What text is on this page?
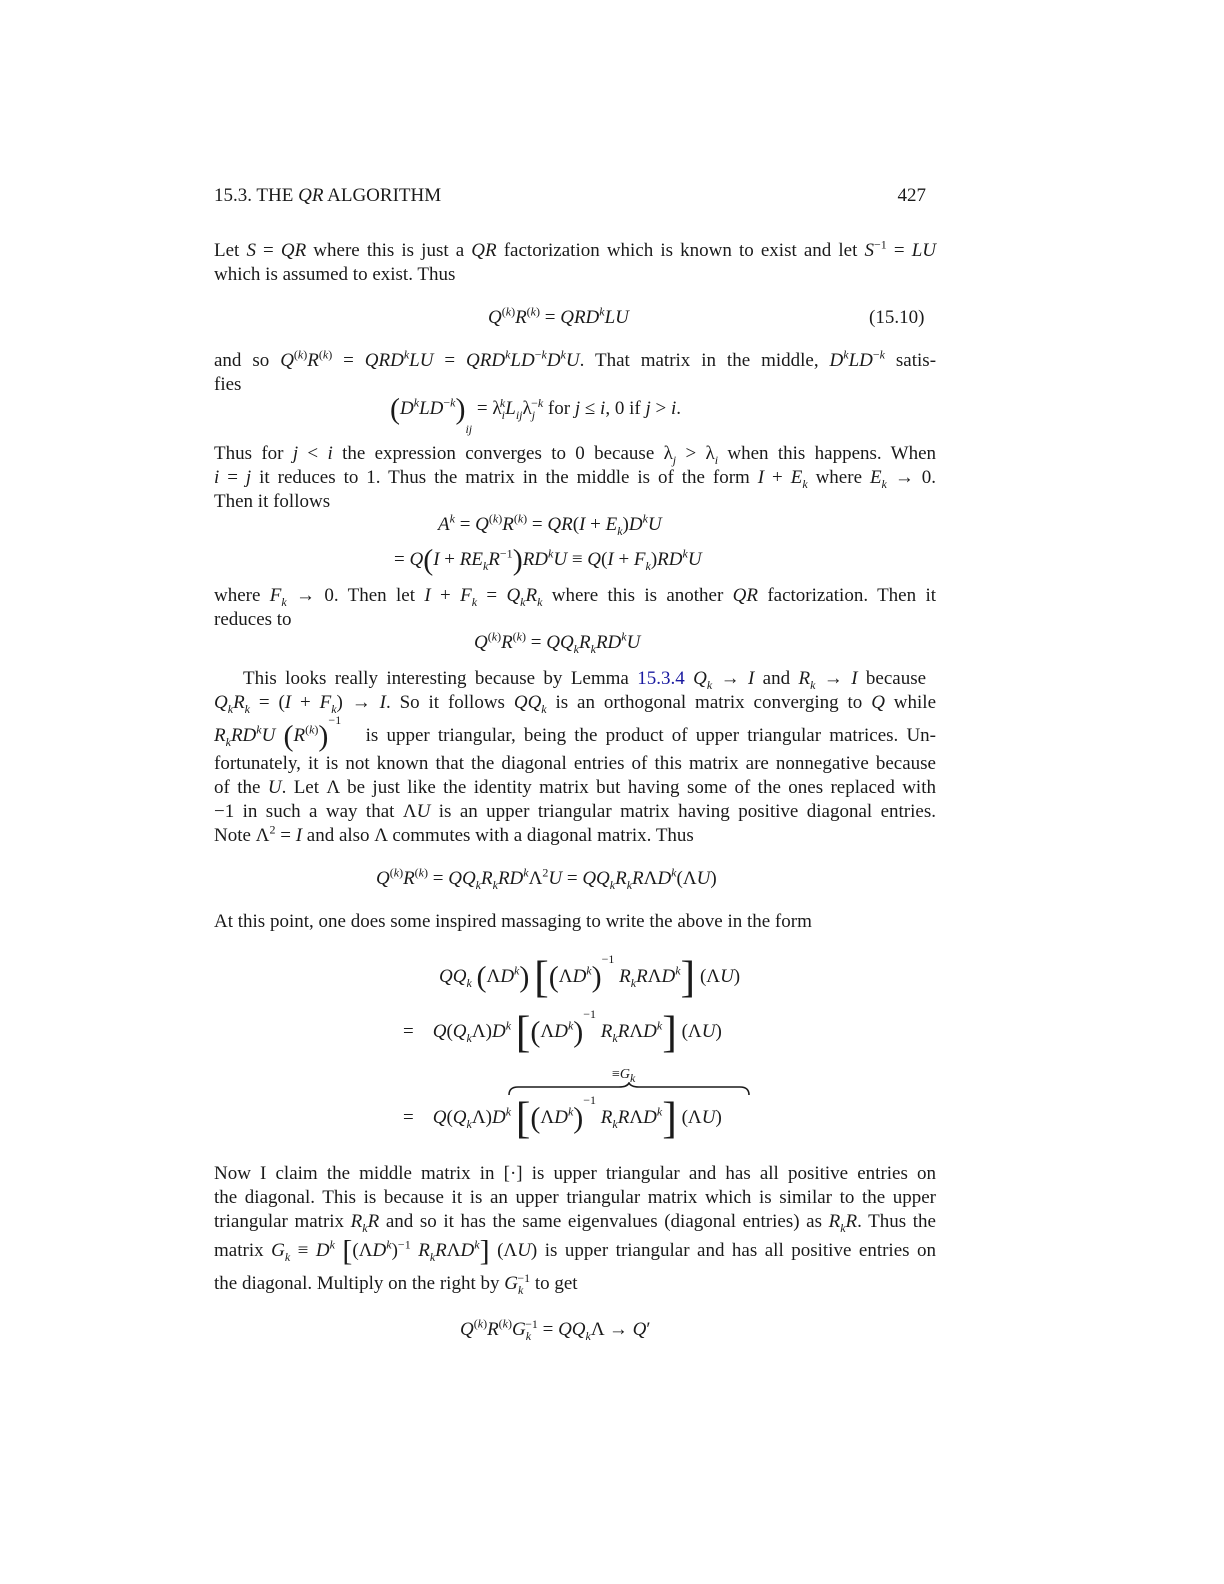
15.3. THE QR ALGORITHM	427
Let S = QR where this is just a QR factorization which is known to exist and let $S^{-1}$ = LU
which is assumed to exist. Thus
$Q^{(k)}R^{(k)} = QRD^kLU$	(15.10)
and so $Q^{(k)}R^{(k)} = QRD^kLU = QRD^kLD^{-k}D^kU$. That matrix in the middle, $D^kLD^{-k}$ satis-
fies
$(D^kLD^{-k})_{ij} = \lambda_i^kL_{ij}\lambda_j^{-k}$ for j ≤ i, 0 if j > i.
Thus for j < i the expression converges to 0 because $\lambda_j > \lambda_i$ when this happens. When
i = j it reduces to 1. Thus the matrix in the middle is of the form $I + E_k$ where $E_k \to 0$.
Then it follows
$A^k = Q^{(k)}R^{(k)} = QR(I + E_k)D^kU$
= $Q(I + RE_kR^{-1})RD^kU \equiv Q(I + F_k)RD^kU$
where $F_k \to 0$. Then let $I + F_k = Q_kR_k$ where this is another QR factorization. Then it
reduces to
$Q^{(k)}R^{(k)} = QQ_kR_kRD^kU$
This looks really interesting because by Lemma 15.3.4 $Q_k \to I$ and $R_k \to I$ because
$Q_kR_k = (I + F_k) \to I$. So it follows $QQ_k$ is an orthogonal matrix converging to Q while
$R_kRD^kU$ $(R^{(k)})^{-1}$   is upper triangular, being the product of upper triangular matrices. Un-
fortunately, it is not known that the diagonal entries of this matrix are nonnegative because
of the U. Let Λ be just like the identity matrix but having some of the ones replaced with
−1 in such a way that ΛU is an upper triangular matrix having positive diagonal entries.
Note $\Lambda^2 = I$ and also Λ commutes with a diagonal matrix. Thus
$Q^{(k)}R^{(k)} = QQ_kR_kRD^k\Lambda^2U = QQ_kR_kR\Lambda D^k(\Lambda U)$
At this point, one does some inspired massaging to write the above in the form
$QQ_k$ $(\Lambda D^k)$ [$(\Lambda D^k)^{-1}$ $R_kR\Lambda D^k$] (ΛU)
=    $Q(Q_k\Lambda)D^k$ [$(\Lambda D^k)^{-1}$ $R_kR\Lambda D^k$] (ΛU)
$\equiv G_k$
=    $Q(Q_k\Lambda)D^k$ [$(\Lambda D^k)^{-1}$ $R_kR\Lambda D^k$] (ΛU)
Now I claim the middle matrix in [·] is upper triangular and has all positive entries on
the diagonal. This is because it is an upper triangular matrix which is similar to the upper
triangular matrix $R_kR$ and so it has the same eigenvalues (diagonal entries) as $R_kR$. Thus the
matrix $G_k \equiv D^k$ [$(\Lambda D^k)^{-1}$ $R_kR\Lambda D^k$] (ΛU) is upper triangular and has all positive entries on
the diagonal. Multiply on the right by $G_k^{-1}$ to get
$Q^{(k)}R^{(k)}G_k^{-1} = QQ_k\Lambda \to Q'$
